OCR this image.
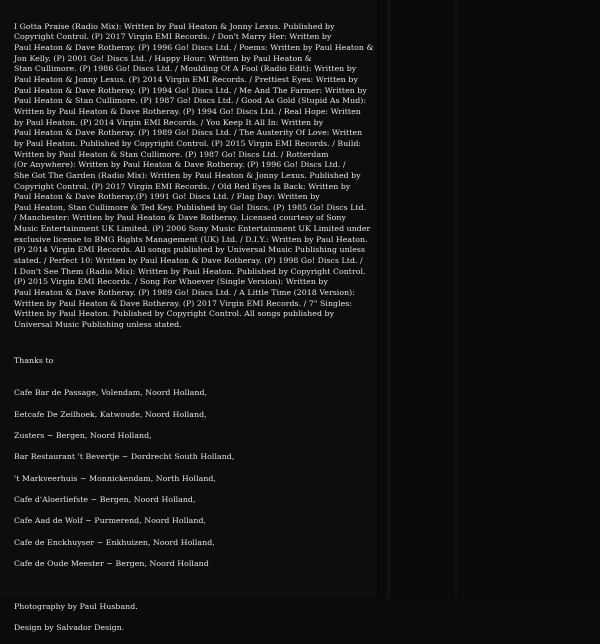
I Gotta Praise (Radio Mix): Written by Paul Heaton & Jonny Lexus. Published by
Copyright Control. (P) 2017 Virgin EMI Records. / Don't Marry Her: Written by
Paul Heaton & Dave Rotheray. (P) 1996 Go! Discs Ltd. / Poems: Written by Paul Heaton &
Jon Kelly. (P) 2001 Go! Discs Ltd. / Happy Hour: Written by Paul Heaton &
Stan Cullimore. (P) 1986 Go! Discs Ltd. / Moulding Of A Fool (Radio Edit): Written by
Paul Heaton & Jonny Lexus. (P) 2014 Virgin EMI Records. / Prettiest Eyes: Written by
Paul Heaton & Dave Rotheray. (P) 1994 Go! Discs Ltd. / Me And The Farmer: Written by
Paul Heaton & Stan Cullimore. (P) 1987 Go! Discs Ltd. / Good As Gold (Stupid As Mud):
Written by Paul Heaton & Dave Rotheray. (P) 1994 Go! Discs Ltd. / Real Hope: Written
by Paul Heaton. (P) 2014 Virgin EMI Records. / You Keep It All In: Written by
Paul Heaton & Dave Rotheray. (P) 1989 Go! Discs Ltd. / The Austerity Of Love: Written
by Paul Heaton. Published by Copyright Control. (P) 2015 Virgin EMI Records. / Build:
Written by Paul Heaton & Stan Cullimore. (P) 1987 Go! Discs Ltd. / Rotterdam
(Or Anywhere): Written by Paul Heaton & Dave Rotheray. (P) 1996 Go! Discs Ltd. /
She Got The Garden (Radio Mix): Written by Paul Heaton & Jonny Lexus. Published by
Copyright Control. (P) 2017 Virgin EMI Records. / Old Red Eyes Is Back: Written by
Paul Heaton & Dave Rotheray.(P) 1991 Go! Discs Ltd. / Flag Day: Written by
Paul Heaton, Stan Cullimore & Ted Key. Published by Go! Discs. (P) 1985 Go! Discs Ltd.
/ Manchester: Written by Paul Heaton & Dave Rotheray. Licensed courtesy of Sony
Music Entertainment UK Limited. (P) 2006 Sony Music Entertainment UK Limited under
exclusive license to BMG Rights Management (UK) Ltd. / D.I.Y.: Written by Paul Heaton.
(P) 2014 Virgin EMI Records. All songs published by Universal Music Publishing unless
stated. / Perfect 10: Written by Paul Heaton & Dave Rotheray. (P) 1998 Go! Discs Ltd. /
I Don't See Them (Radio Mix): Written by Paul Heaton. Published by Copyright Control.
(P) 2015 Virgin EMI Records. / Song For Whoever (Single Version): Written by
Paul Heaton & Dave Rotheray. (P) 1989 Go! Discs Ltd. / A Little Time (2018 Version):
Written by Paul Heaton & Dave Rotheray. (P) 2017 Virgin EMI Records. / 7" Singles:
Written by Paul Heaton. Published by Copyright Control. All songs published by
Universal Music Publishing unless stated.

Thanks to

Cafe Bar de Passage, Volendam, Noord Holland,

Eetcafe De Zeilhoek, Katwoude, Noord Holland,

Zusters ~ Bergen, Noord Holland,

Bar Restaurant 't Bevertje ~ Dordrecht South Holland,

't Markveerhuis ~ Monnickendam, North Holland,

Cafe d'Aloerliefste ~ Bergen, Noord Holland,

Cafe Aad de Wolf ~ Purmerend, Noord Holland,

Cafe de Enckhuyser ~ Enkhuizen, Noord Holland,

Cafe de Oude Meester ~ Bergen, Noord Holland

Photography by Paul Husband.

Design by Salvador Design.
